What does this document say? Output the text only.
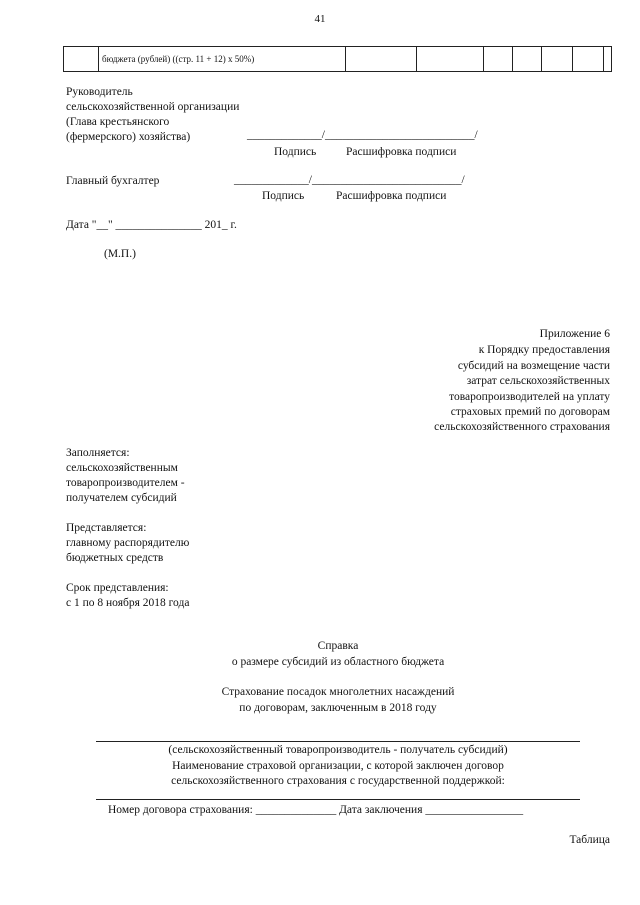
41
	бюджета (рублей) ((стр. 11 + 12) x 50%)							
Руководитель
сельскохозяйственной организации
(Глава крестьянского
(фермерского) хозяйства)	_____________/__________________________/
Подпись	Расшифровка подписи
Главный бухгалтер	_____________/__________________________/
Подпись	Расшифровка подписи
Дата "__" _______________ 201_ г.
(М.П.)
Приложение 6
к Порядку предоставления
субсидий на возмещение части
затрат сельскохозяйственных
товаропроизводителей на уплату
страховых премий по договорам
сельскохозяйственного страхования
Заполняется:
сельскохозяйственным
товаропроизводителем -
получателем субсидий
Представляется:
главному распорядителю
бюджетных средств
Срок представления:
с 1 по 8 ноября 2018 года
Справка
о размере субсидий из областного бюджета
Страхование посадок многолетних насаждений
по договорам, заключенным в 2018 году
(сельскохозяйственный товаропроизводитель - получатель субсидий)
Наименование страховой организации, с которой заключен договор
сельскохозяйственного страхования с государственной поддержкой:
Номер договора страхования: ______________ Дата заключения _________________
Таблица
